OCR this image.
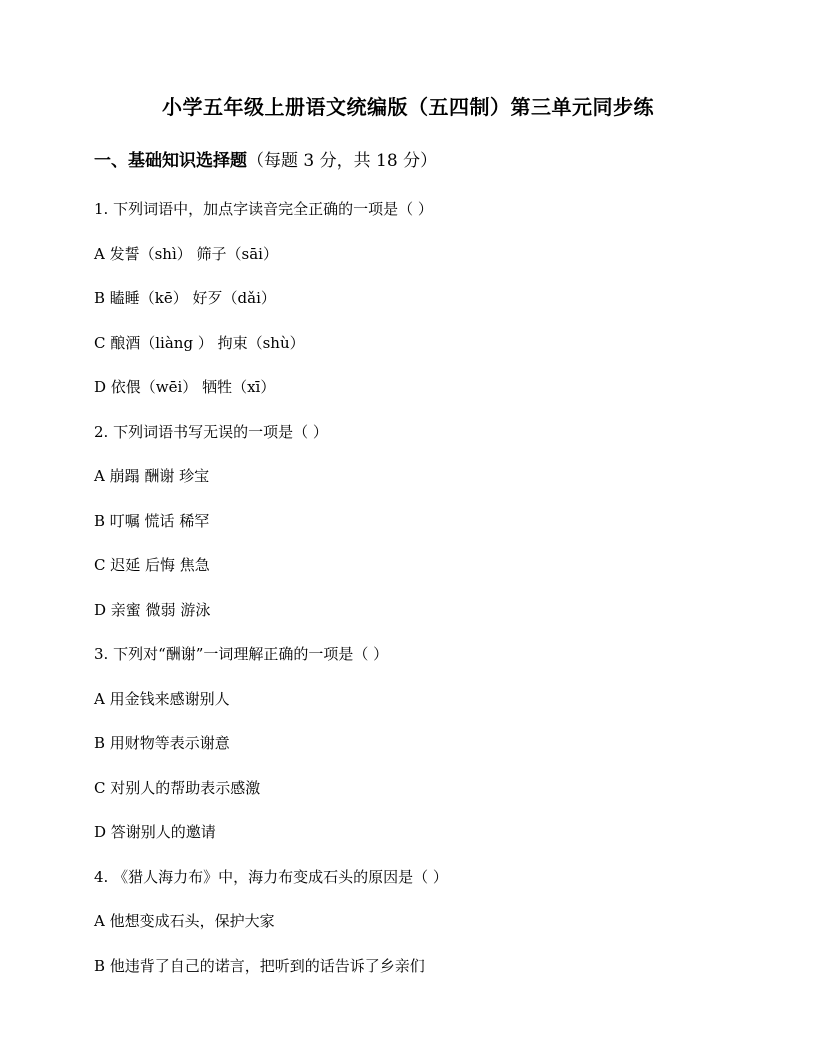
小学五年级上册语文统编版（五四制）第三单元同步练
一、基础知识选择题（每题 3 分，共 18 分）
1. 下列词语中，加点字读音完全正确的一项是（ ）
A 发誓（shì） 筛子（sāi）
B 瞌睡（kē） 好歹（dǎi）
C 酿酒（liàng ） 拘束（shù）
D 依偎（wēi） 牺牲（xī）
2. 下列词语书写无误的一项是（ ）
A 崩蹋 酬谢 珍宝
B 叮嘱 慌话 稀罕
C 迟延 后悔 焦急
D 亲蜜 微弱 游泳
3. 下列对“酬谢”一词理解正确的一项是（ ）
A 用金钱来感谢别人
B 用财物等表示谢意
C 对别人的帮助表示感激
D 答谢别人的邀请
4. 《猎人海力布》中，海力布变成石头的原因是（ ）
A 他想变成石头，保护大家
B 他违背了自己的诺言，把听到的话告诉了乡亲们
